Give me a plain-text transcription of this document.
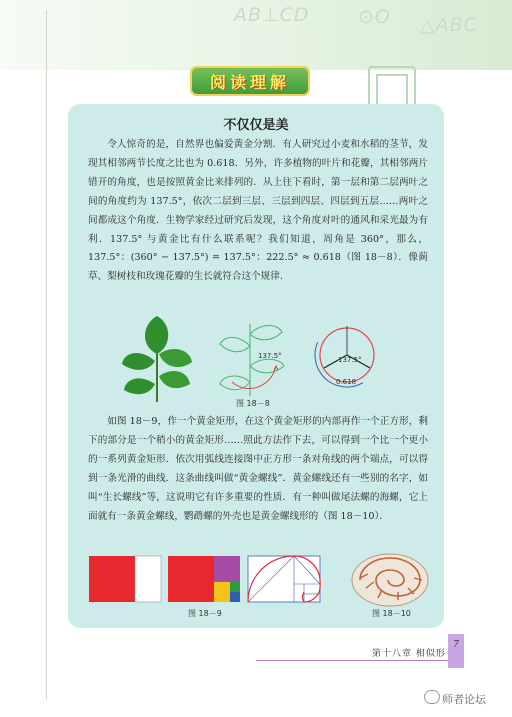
AB⊥CD	⊙O △ABC
阅读理解
不仅仅是美

令人惊奇的是，自然界也偏爱黄金分割．有人研究过小麦和水稻的茎节，发现其相邻两节长度之比也为 0.618．另外，许多植物的叶片和花瓣，其相邻两片错开的角度，也是按照黄金比来排列的．从上往下看时，第一层和第二层两叶之间的角度约为 137.5°，依次二层到三层、三层到四层、四层到五层……两叶之间都成这个角度．生物学家经过研究后发现，这个角度对叶的通风和采光最为有利．137.5° 与黄金比有什么联系呢？我们知道，周角是 360°，那么，137.5°：(360° − 137.5°) = 137.5°：222.5° ≈ 0.618（图 18－8）．像蓟草、梨树枝和玫瑰花瓣的生长就符合这个规律．

137.5°	137.5°
0.618
图 18－8

如图 18－9，作一个黄金矩形，在这个黄金矩形的内部再作一个正方形，剩下的部分是一个稍小的黄金矩形……照此方法作下去，可以得到一个比一个更小的一系列黄金矩形．依次用弧线连接图中正方形一条对角线的两个端点，可以得到一条光滑的曲线．这条曲线叫做“黄金螺线”．黄金螺线还有一些别的名字，如叫“生长螺线”等，这说明它有许多重要的性质．有一种叫做尾法螺的海螺，它上面就有一条黄金螺线，鹦鹉螺的外壳也是黄金螺线形的（图 18－10）．

图 18－9	图 18－10
第十八章 相似形
7
师者论坛
